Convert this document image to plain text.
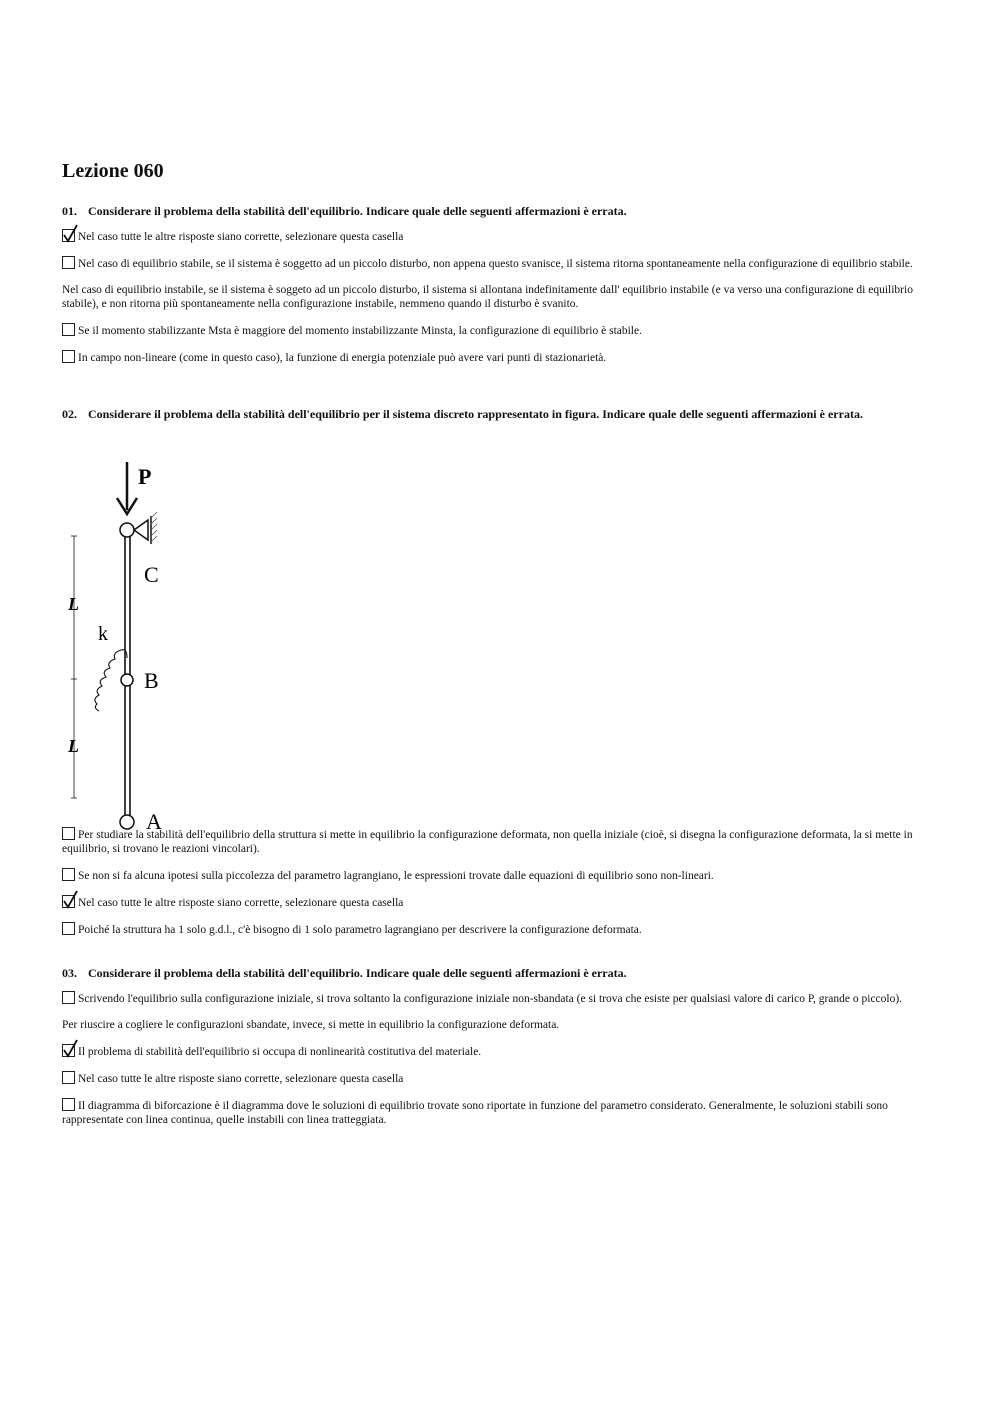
Lezione 060

01. Considerare il problema della stabilità dell'equilibrio. Indicare quale delle seguenti affermazioni è errata.

Nel caso tutte le altre risposte siano corrette, selezionare questa casella

Nel caso di equilibrio stabile, se il sistema è soggetto ad un piccolo disturbo, non appena questo svanisce, il sistema ritorna spontaneamente nella configurazione di equilibrio stabile.

Nel caso di equilibrio instabile, se il sistema è soggeto ad un piccolo disturbo, il sistema si allontana indefinitamente dall' equilibrio instabile (e va verso una configurazione di equilibrio stabile), e non ritorna più spontaneamente nella configurazione instabile, nemmeno quando il disturbo è svanito.

Se il momento stabilizzante Msta è maggiore del momento instabilizzante Minsta, la configurazione di equilibrio è stabile.

In campo non-lineare (come in questo caso), la funzione di energia potenziale può avere vari punti di stazionarietà.

02. Considerare il problema della stabilità dell'equilibrio per il sistema discreto rappresentato in figura. Indicare quale delle seguenti affermazioni è errata.

P
C
k
B
A
L
L

Per studiare la stabilità dell'equilibrio della struttura si mette in equilibrio la configurazione deformata, non quella iniziale (cioè, si disegna la configurazione deformata, la si mette in equilibrio, si trovano le reazioni vincolari).

Se non si fa alcuna ipotesi sulla piccolezza del parametro lagrangiano, le espressioni trovate dalle equazioni di equilibrio sono non-lineari.

Nel caso tutte le altre risposte siano corrette, selezionare questa casella

Poiché la struttura ha 1 solo g.d.l., c'è bisogno di 1 solo parametro lagrangiano per descrivere la configurazione deformata.

03. Considerare il problema della stabilità dell'equilibrio. Indicare quale delle seguenti affermazioni è errata.

Scrivendo l'equilibrio sulla configurazione iniziale, si trova soltanto la configurazione iniziale non-sbandata (e si trova che esiste per qualsiasi valore di carico P, grande o piccolo).

Per riuscire a cogliere le configurazioni sbandate, invece, si mette in equilibrio la configurazione deformata.

Il problema di stabilità dell'equilibrio si occupa di nonlinearità costitutiva del materiale.

Nel caso tutte le altre risposte siano corrette, selezionare questa casella

Il diagramma di biforcazione è il diagramma dove le soluzioni di equilibrio trovate sono riportate in funzione del parametro considerato. Generalmente, le soluzioni stabili sono rappresentate con linea continua, quelle instabili con linea tratteggiata.
